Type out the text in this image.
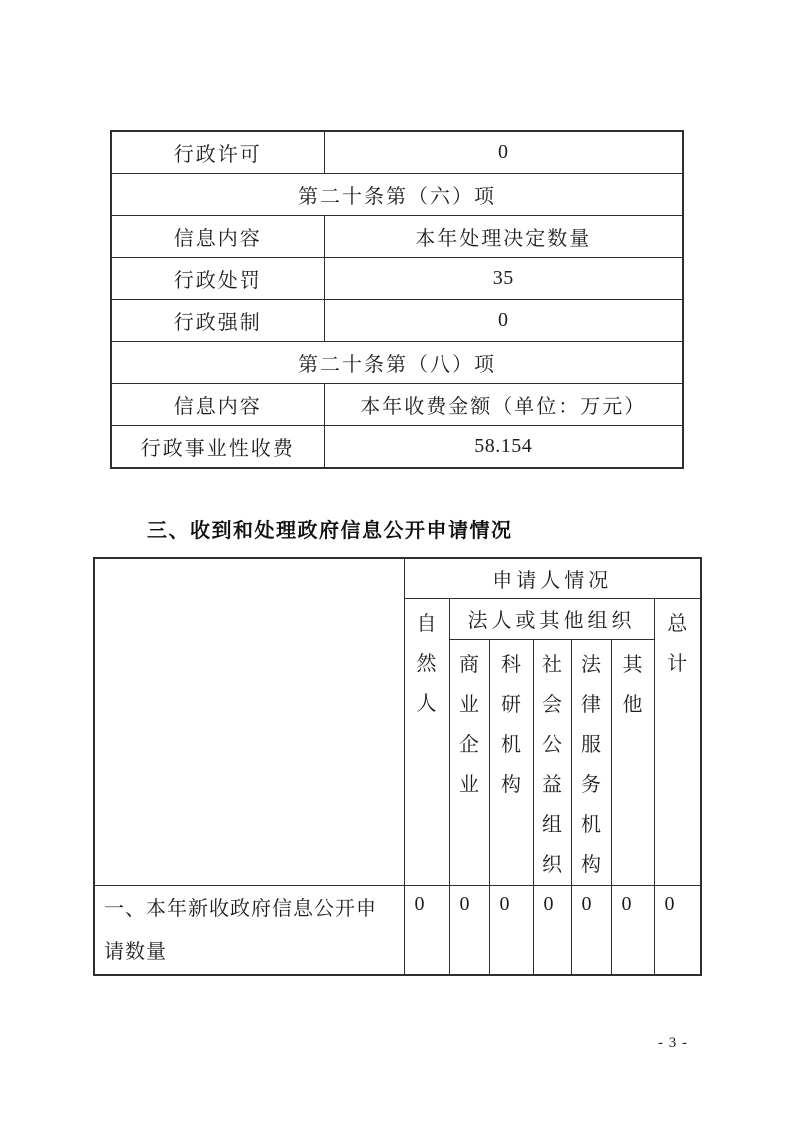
行政许可	0
第二十条第（六）项	
信息内容	本年处理决定数量
行政处罚	35
行政强制	0
第二十条第（八）项	
信息内容	本年收费金额（单位：万元）
行政事业性收费	58.154
三、收到和处理政府信息公开申请情况
	申请人情况						

	自然人	法人或其他组织					总计

		商业企业	科研机构	社会公益组织	法律服务机构	其他	

一、本年新收政府信息公开申请数量	0	0	0	0	0	0	0
- 3 -
